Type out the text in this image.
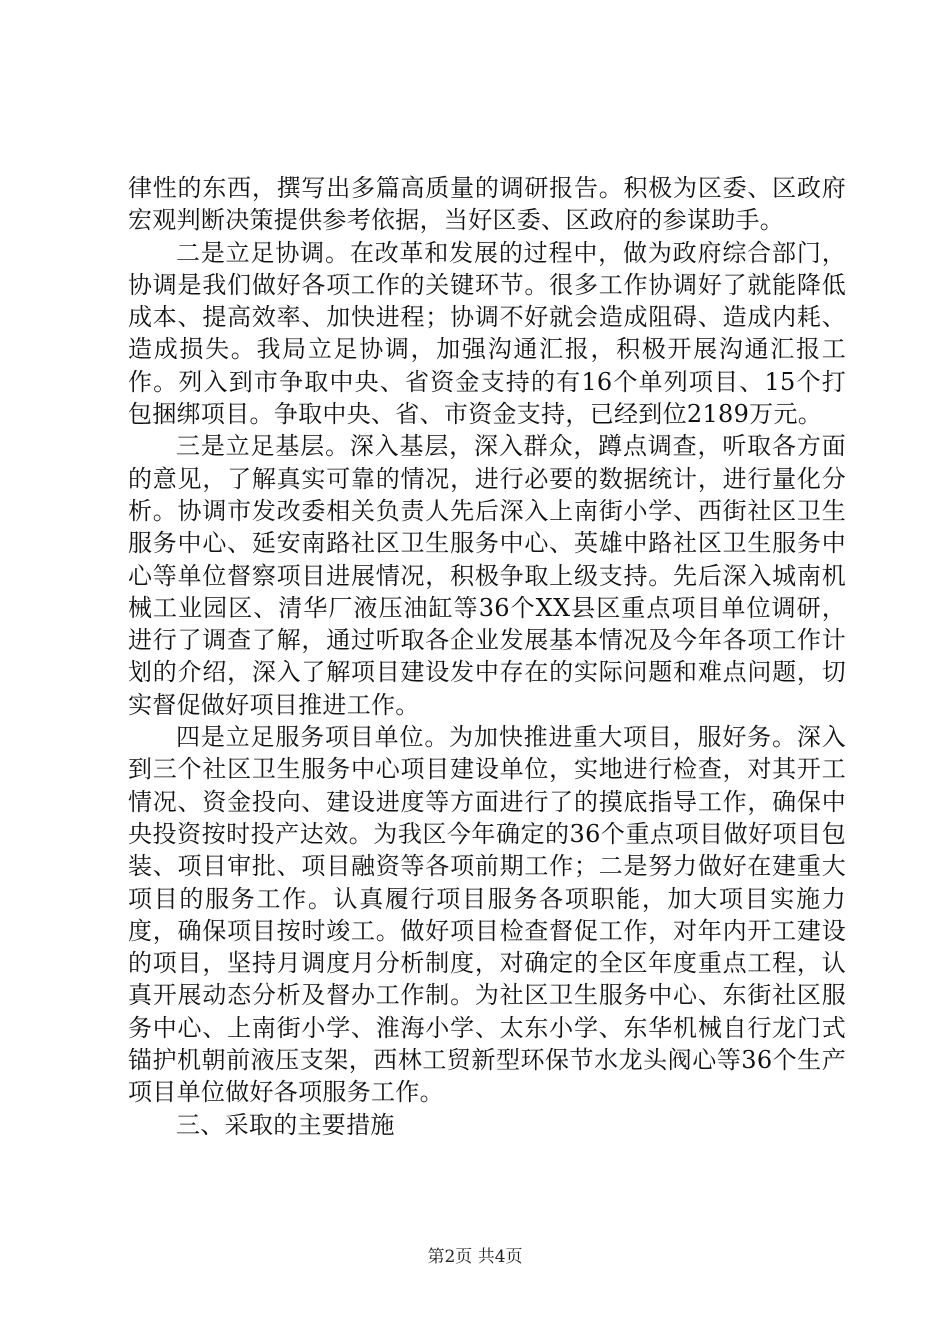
律性的东西，撰写出多篇高质量的调研报告。积极为区委、区政府宏观判断决策提供参考依据，当好区委、区政府的参谋助手。

二是立足协调。在改革和发展的过程中，做为政府综合部门，协调是我们做好各项工作的关键环节。很多工作协调好了就能降低成本、提高效率、加快进程；协调不好就会造成阻碍、造成内耗、造成损失。我局立足协调，加强沟通汇报，积极开展沟通汇报工作。列入到市争取中央、省资金支持的有16个单列项目、15个打包捆绑项目。争取中央、省、市资金支持，已经到位2189万元。

三是立足基层。深入基层，深入群众，蹲点调查，听取各方面的意见，了解真实可靠的情况，进行必要的数据统计，进行量化分析。协调市发改委相关负责人先后深入上南街小学、西街社区卫生服务中心、延安南路社区卫生服务中心、英雄中路社区卫生服务中心等单位督察项目进展情况，积极争取上级支持。先后深入城南机械工业园区、清华厂液压油缸等36个XX县区重点项目单位调研，进行了调查了解，通过听取各企业发展基本情况及今年各项工作计划的介绍，深入了解项目建设发中存在的实际问题和难点问题，切实督促做好项目推进工作。

四是立足服务项目单位。为加快推进重大项目，服好务。深入到三个社区卫生服务中心项目建设单位，实地进行检查，对其开工情况、资金投向、建设进度等方面进行了的摸底指导工作，确保中央投资按时投产达效。为我区今年确定的36个重点项目做好项目包装、项目审批、项目融资等各项前期工作；二是努力做好在建重大项目的服务工作。认真履行项目服务各项职能，加大项目实施力度，确保项目按时竣工。做好项目检查督促工作，对年内开工建设的项目，坚持月调度月分析制度，对确定的全区年度重点工程，认真开展动态分析及督办工作制。为社区卫生服务中心、东街社区服务中心、上南街小学、淮海小学、太东小学、东华机械自行龙门式锚护机朝前液压支架，西林工贸新型环保节水龙头阀心等36个生产项目单位做好各项服务工作。

三、采取的主要措施

第2页 共4页
